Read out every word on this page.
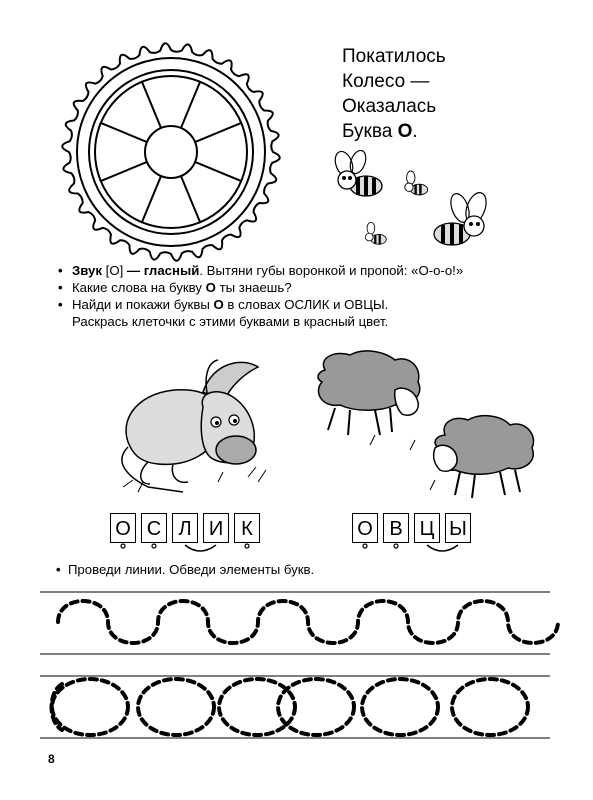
Покатилось
Колесо —
Оказалась
Буква О.
• Звук [О] — гласный. Вытяни губы воронкой и пропой: «О-о-о!»
• Какие слова на букву О ты знаешь?
• Найди и покажи буквы О в словах ОСЛИК и ОВЦЫ.
Раскрась клеточки с этими буквами в красный цвет.
О С Л И К	О В Ц Ы
• Проведи линии. Обведи элементы букв.
8
